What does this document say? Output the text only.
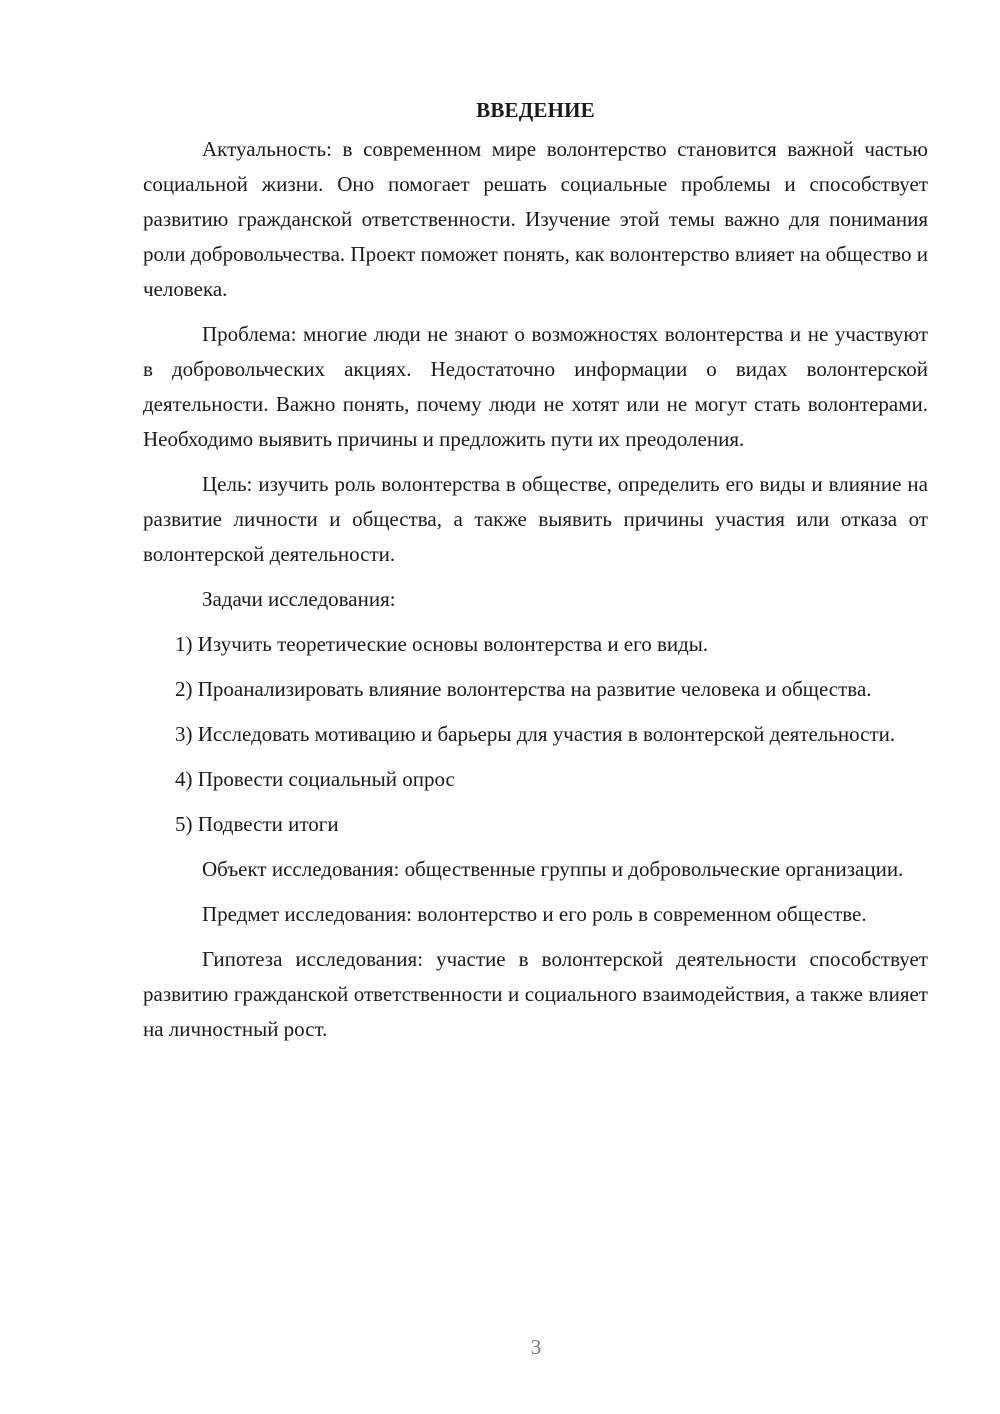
ВВЕДЕНИЕ

Актуальность: в современном мире волонтерство становится важной частью социальной жизни. Оно помогает решать социальные проблемы и способствует развитию гражданской ответственности. Изучение этой темы важно для понимания роли добровольчества. Проект поможет понять, как волонтерство влияет на общество и человека.

Проблема: многие люди не знают о возможностях волонтерства и не участвуют в добровольческих акциях. Недостаточно информации о видах волонтерской деятельности. Важно понять, почему люди не хотят или не могут стать волонтерами. Необходимо выявить причины и предложить пути их преодоления.

Цель: изучить роль волонтерства в обществе, определить его виды и влияние на развитие личности и общества, а также выявить причины участия или отказа от волонтерской деятельности.

Задачи исследования:

1) Изучить теоретические основы волонтерства и его виды.

2) Проанализировать влияние волонтерства на развитие человека и общества.

3) Исследовать мотивацию и барьеры для участия в волонтерской деятельности.

4) Провести социальный опрос

5) Подвести итоги

Объект исследования: общественные группы и добровольческие организации.

Предмет исследования: волонтерство и его роль в современном обществе.

Гипотеза исследования: участие в волонтерской деятельности способствует развитию гражданской ответственности и социального взаимодействия, а также влияет на личностный рост.

3
